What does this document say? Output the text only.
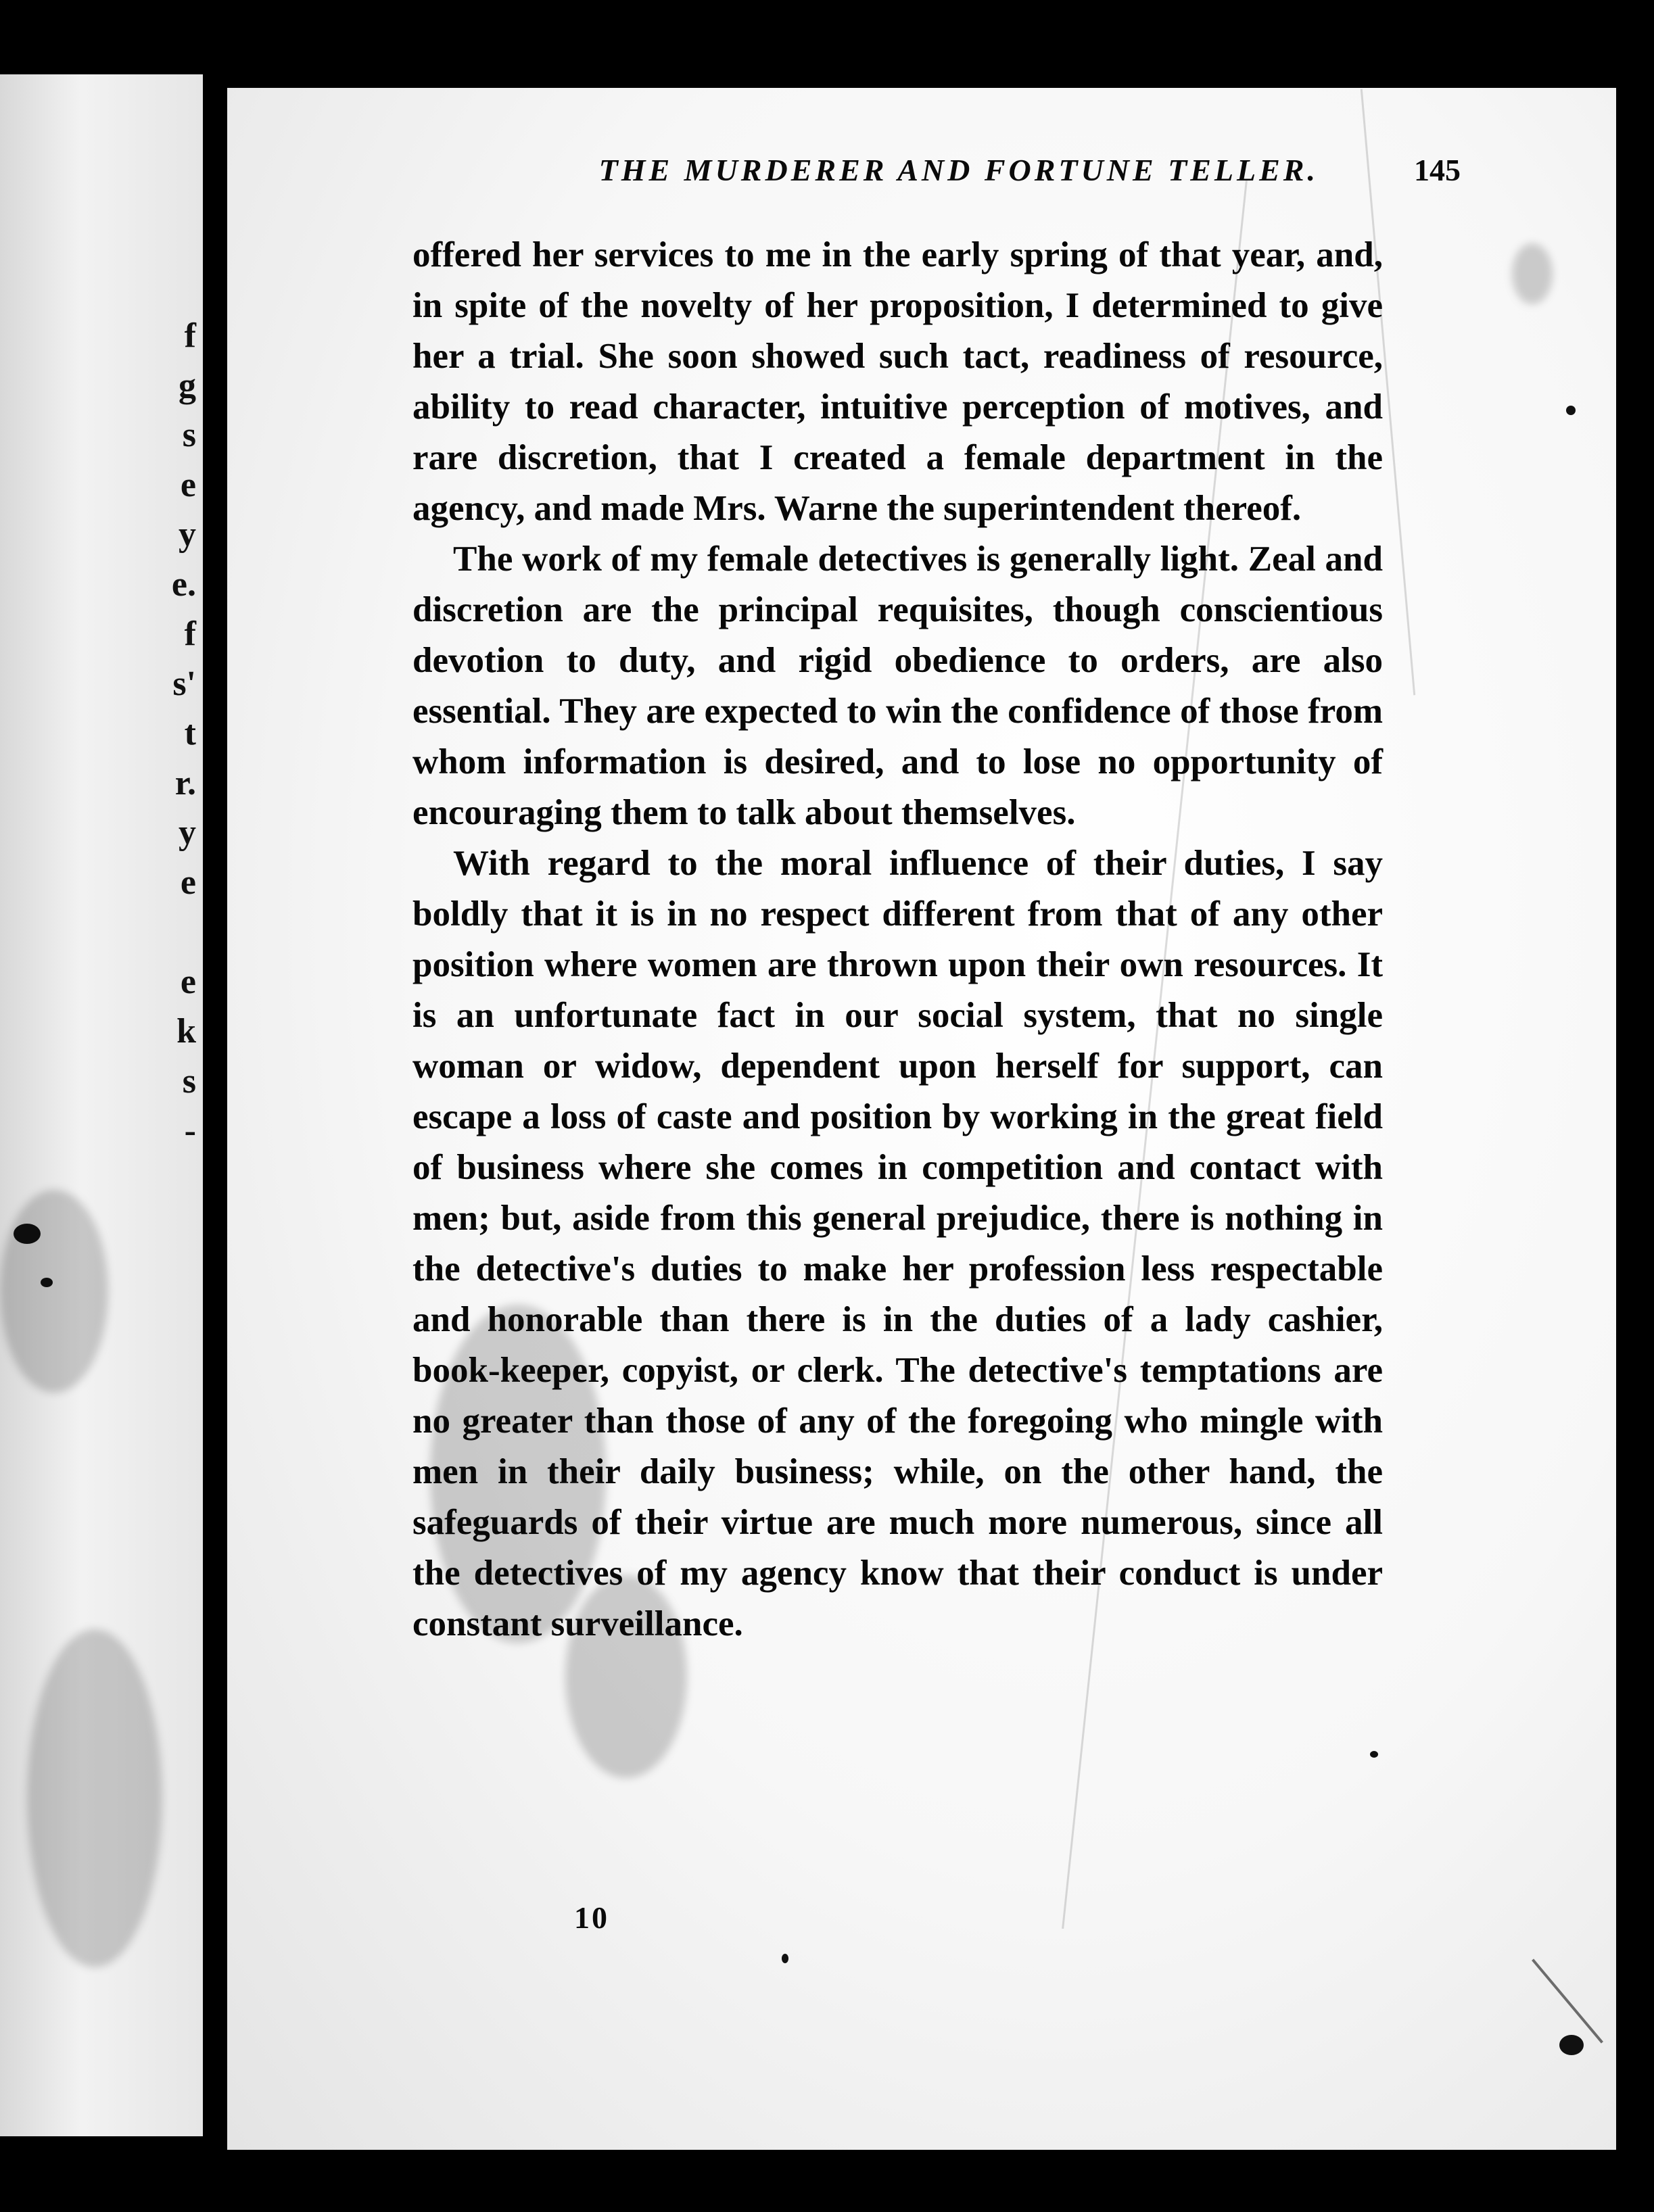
f
g
s
e
y
e.
f
s'
t
r.
y
e

e
k
s
-
THE MURDERER AND FORTUNE TELLER.	145

offered her services to me in the early spring of that year, and, in spite of the novelty of her proposition, I determined to give her a trial. She soon showed such tact, readiness of resource, ability to read character, intuitive perception of motives, and rare discretion, that I created a female department in the agency, and made Mrs. Warne the superintendent thereof.

The work of my female detectives is generally light. Zeal and discretion are the principal requisites, though conscientious devotion to duty, and rigid obedience to orders, are also essential. They are expected to win the confidence of those from whom information is desired, and to lose no opportunity of encouraging them to talk about themselves.

With regard to the moral influence of their duties, I say boldly that it is in no respect different from that of any other position where women are thrown upon their own resources. It is an unfortunate fact in our social system, that no single woman or widow, dependent upon herself for support, can escape a loss of caste and position by working in the great field of business where she comes in competition and contact with men; but, aside from this general prejudice, there is nothing in the detective's duties to make her profession less respectable and honorable than there is in the duties of a lady cashier, book-keeper, copyist, or clerk. The detective's temptations are no greater than those of any of the foregoing who mingle with men in their daily business; while, on the other hand, the safeguards of their virtue are much more numerous, since all the detectives of my agency know that their conduct is under constant surveillance.

10
